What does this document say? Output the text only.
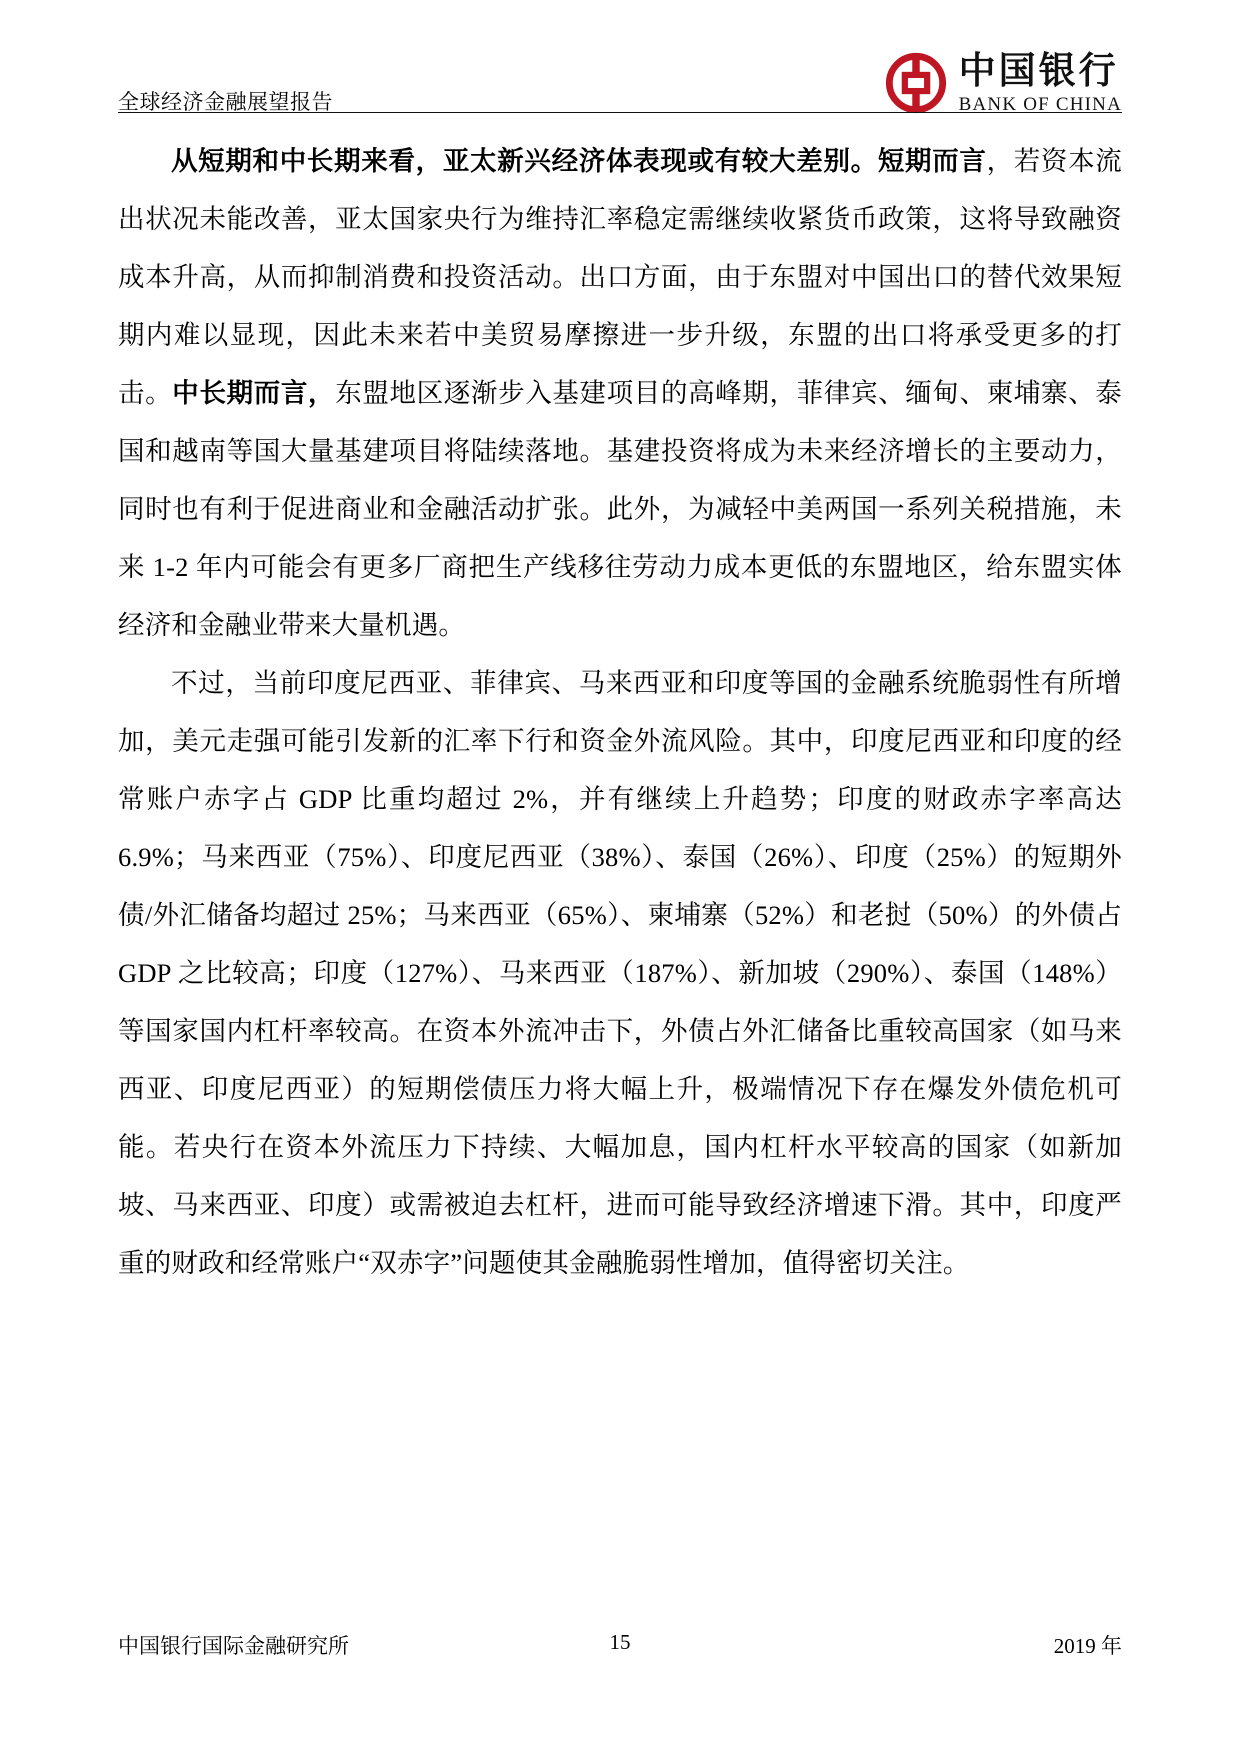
全球经济金融展望报告
中国银行
BANK OF CHINA

从短期和中长期来看，亚太新兴经济体表现或有较大差别。短期而言，若资本流出状况未能改善，亚太国家央行为维持汇率稳定需继续收紧货币政策，这将导致融资成本升高，从而抑制消费和投资活动。出口方面，由于东盟对中国出口的替代效果短期内难以显现，因此未来若中美贸易摩擦进一步升级，东盟的出口将承受更多的打击。中长期而言，东盟地区逐渐步入基建项目的高峰期，菲律宾、缅甸、柬埔寨、泰国和越南等国大量基建项目将陆续落地。基建投资将成为未来经济增长的主要动力，同时也有利于促进商业和金融活动扩张。此外，为减轻中美两国一系列关税措施，未来 1-2 年内可能会有更多厂商把生产线移往劳动力成本更低的东盟地区，给东盟实体经济和金融业带来大量机遇。

不过，当前印度尼西亚、菲律宾、马来西亚和印度等国的金融系统脆弱性有所增加，美元走强可能引发新的汇率下行和资金外流风险。其中，印度尼西亚和印度的经常账户赤字占 GDP 比重均超过 2%，并有继续上升趋势；印度的财政赤字率高达 6.9%；马来西亚（75%）、印度尼西亚（38%）、泰国（26%）、印度（25%）的短期外债/外汇储备均超过 25%；马来西亚（65%）、柬埔寨（52%）和老挝（50%）的外债占 GDP 之比较高；印度（127%）、马来西亚（187%）、新加坡（290%）、泰国（148%）等国家国内杠杆率较高。在资本外流冲击下，外债占外汇储备比重较高国家（如马来西亚、印度尼西亚）的短期偿债压力将大幅上升，极端情况下存在爆发外债危机可能。若央行在资本外流压力下持续、大幅加息，国内杠杆水平较高的国家（如新加坡、马来西亚、印度）或需被迫去杠杆，进而可能导致经济增速下滑。其中，印度严重的财政和经常账户“双赤字”问题使其金融脆弱性增加，值得密切关注。

中国银行国际金融研究所	15	2019 年
